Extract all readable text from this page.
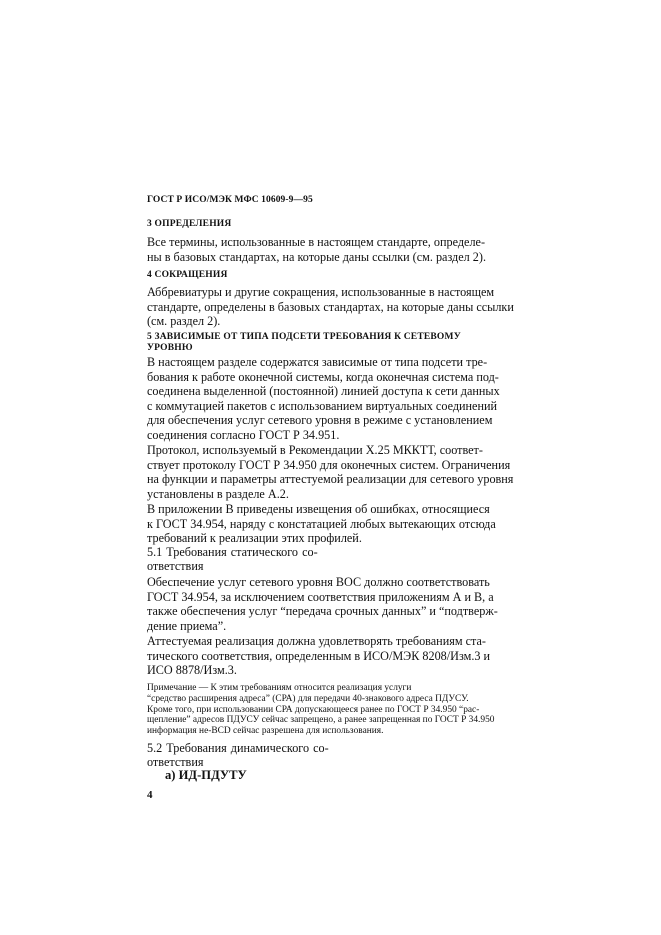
ГОСТ Р ИСО/МЭК МФС 10609-9—95

3 ОПРЕДЕЛЕНИЯ

Все термины, использованные в настоящем стандарте, определе-
ны в базовых стандартах, на которые даны ссылки (см. раздел 2).

4 СОКРАЩЕНИЯ

Аббревиатуры и другие сокращения, использованные в настоящем
стандарте, определены в базовых стандартах, на которые даны ссылки
(см. раздел 2).

5 ЗАВИСИМЫЕ ОТ ТИПА ПОДСЕТИ ТРЕБОВАНИЯ К СЕТЕВОМУ
УРОВНЮ

В настоящем разделе содержатся зависимые от типа подсети тре-
бования к работе оконечной системы, когда оконечная система под-
соединена выделенной (постоянной) линией доступа к сети данных
с коммутацией пакетов с использованием виртуальных соединений
для обеспечения услуг сетевого уровня в режиме с установлением
соединения согласно ГОСТ Р 34.951.

Протокол, используемый в Рекомендации X.25 МККТТ, соответ-
ствует протоколу ГОСТ Р 34.950 для оконечных систем. Ограничения
на функции и параметры аттестуемой реализации для сетевого уровня
установлены в разделе А.2.

В приложении В приведены извещения об ошибках, относящиеся
к ГОСТ 34.954, наряду с констатацией любых вытекающих отсюда
требований к реализации этих профилей.

5.1 Требования статического со-
ответствия

Обеспечение услуг сетевого уровня ВОС должно соответствовать
ГОСТ 34.954, за исключением соответствия приложениям А и В, а
также обеспечения услуг “передача срочных данных” и “подтверж-
дение приема”.

Аттестуемая реализация должна удовлетворять требованиям ста-
тического соответствия, определенным в ИСО/МЭК 8208/Изм.3 и
ИСО 8878/Изм.3.

Примечание — К этим требованиям относится реализация услуги
“средство расширения адреса” (СРА) для передачи 40-знакового адреса ПДУСУ.
Кроме того, при использовании СРА допускающееся ранее по ГОСТ Р 34.950 “рас-
щепление” адресов ПДУСУ сейчас запрещено, а ранее запрещенная по ГОСТ Р 34.950
информация не-BCD сейчас разрешена для использования.

5.2 Требования динамического со-
ответствия

а) ИД-ПДУТУ

4
